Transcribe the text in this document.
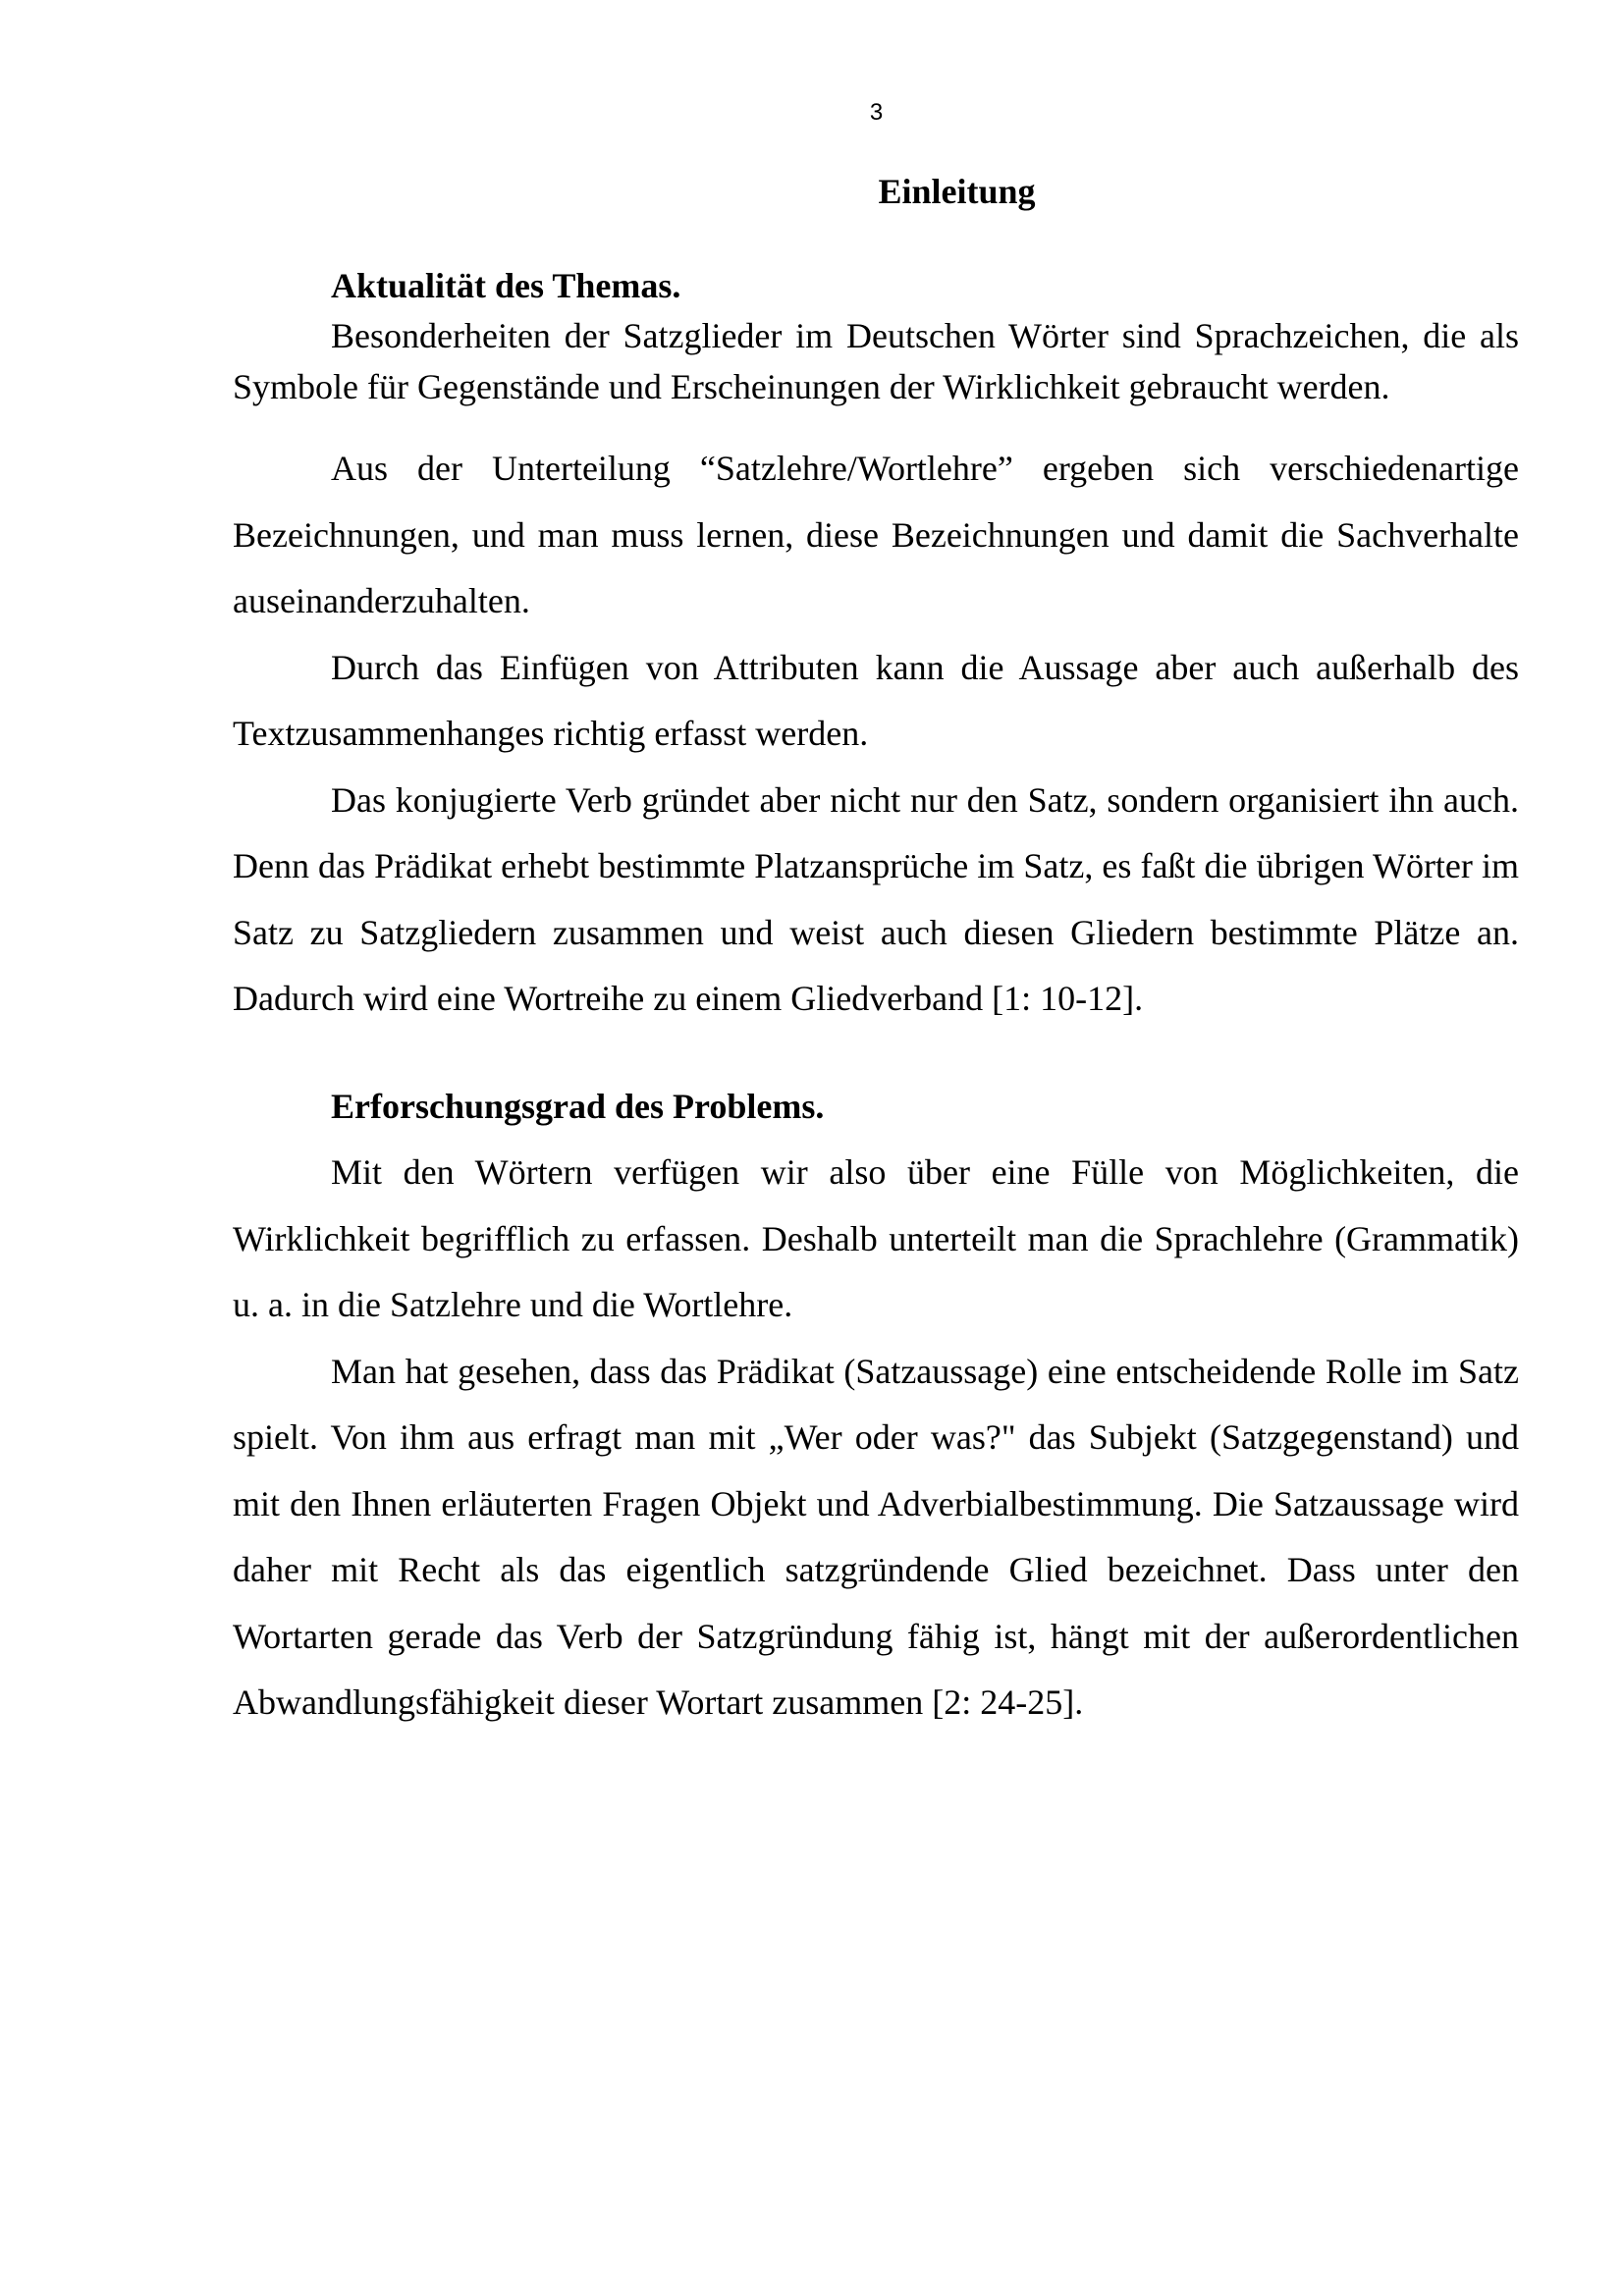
3
Einleitung
Aktualität des Themas.

Besonderheiten der Satzglieder im Deutschen Wörter sind Sprachzeichen, die als Symbole für Gegenstände und Erscheinungen der Wirklichkeit gebraucht werden.

Aus der Unterteilung “Satzlehre/Wortlehre” ergeben sich verschiedenartige Bezeichnungen, und man muss lernen, diese Bezeichnungen und damit die Sachverhalte auseinanderzuhalten.

Durch das Einfügen von Attributen kann die Aussage aber auch außerhalb des Textzusammenhanges richtig erfasst werden.

Das konjugierte Verb gründet aber nicht nur den Satz, sondern organisiert ihn auch. Denn das Prädikat erhebt bestimmte Platzansprüche im Satz, es faßt die übrigen Wörter im Satz zu Satzgliedern zusammen und weist auch diesen Gliedern bestimmte Plätze an. Dadurch wird eine Wortreihe zu einem Gliedverband [1: 10-12].

Erforschungsgrad des Problems.

Mit den Wörtern verfügen wir also über eine Fülle von Möglichkeiten, die Wirklichkeit begrifflich zu erfassen. Deshalb unterteilt man die Sprachlehre (Grammatik) u. a. in die Satzlehre und die Wortlehre.

Man hat gesehen, dass das Prädikat (Satzaussage) eine entscheidende Rolle im Satz spielt. Von ihm aus erfragt man mit „Wer oder was?" das Subjekt (Satzgegenstand) und mit den Ihnen erläuterten Fragen Objekt und Adverbialbestimmung. Die Satzaussage wird daher mit Recht als das eigentlich satzgründende Glied bezeichnet. Dass unter den Wortarten gerade das Verb der Satzgründung fähig ist, hängt mit der außerordentlichen Abwandlungsfähigkeit dieser Wortart zusammen [2: 24-25].
